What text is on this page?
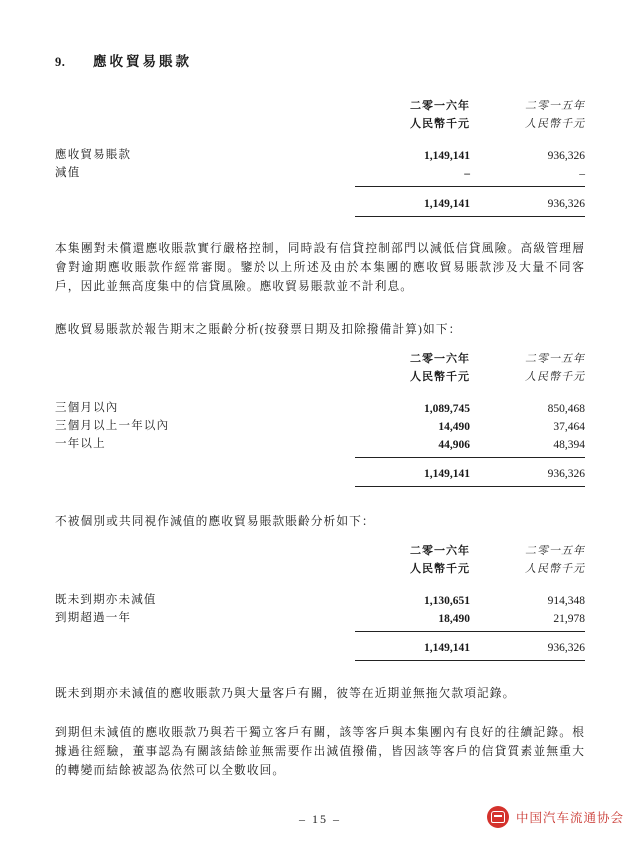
9.	應收貿易賬款
	二零一六年	二零一五年
	人民幣千元	人民幣千元

應收貿易賬款	1,149,141	936,326
減值	–	–

	1,149,141	936,326

本集團對未償還應收賬款實行嚴格控制，同時設有信貸控制部門以減低信貸風險。高級管理層會對逾期應收賬款作經常審閱。鑒於以上所述及由於本集團的應收貿易賬款涉及大量不同客戶，因此並無高度集中的信貸風險。應收貿易賬款並不計利息。

應收貿易賬款於報告期末之賬齡分析(按發票日期及扣除撥備計算)如下：

	二零一六年	二零一五年
	人民幣千元	人民幣千元

三個月以內	1,089,745	850,468
三個月以上一年以內	14,490	37,464
一年以上	44,906	48,394

	1,149,141	936,326

不被個別或共同視作減值的應收貿易賬款賬齡分析如下：

	二零一六年	二零一五年
	人民幣千元	人民幣千元

既未到期亦未減值	1,130,651	914,348
到期超過一年	18,490	21,978

	1,149,141	936,326

既未到期亦未減值的應收賬款乃與大量客戶有關，彼等在近期並無拖欠款項記錄。

到期但未減值的應收賬款乃與若干獨立客戶有關，該等客戶與本集團內有良好的往續記錄。根據過往經驗，董事認為有關該結餘並無需要作出減值撥備，皆因該等客戶的信貸質素並無重大的轉變而結餘被認為依然可以全數收回。

– 15 –	中国汽车流通协会
